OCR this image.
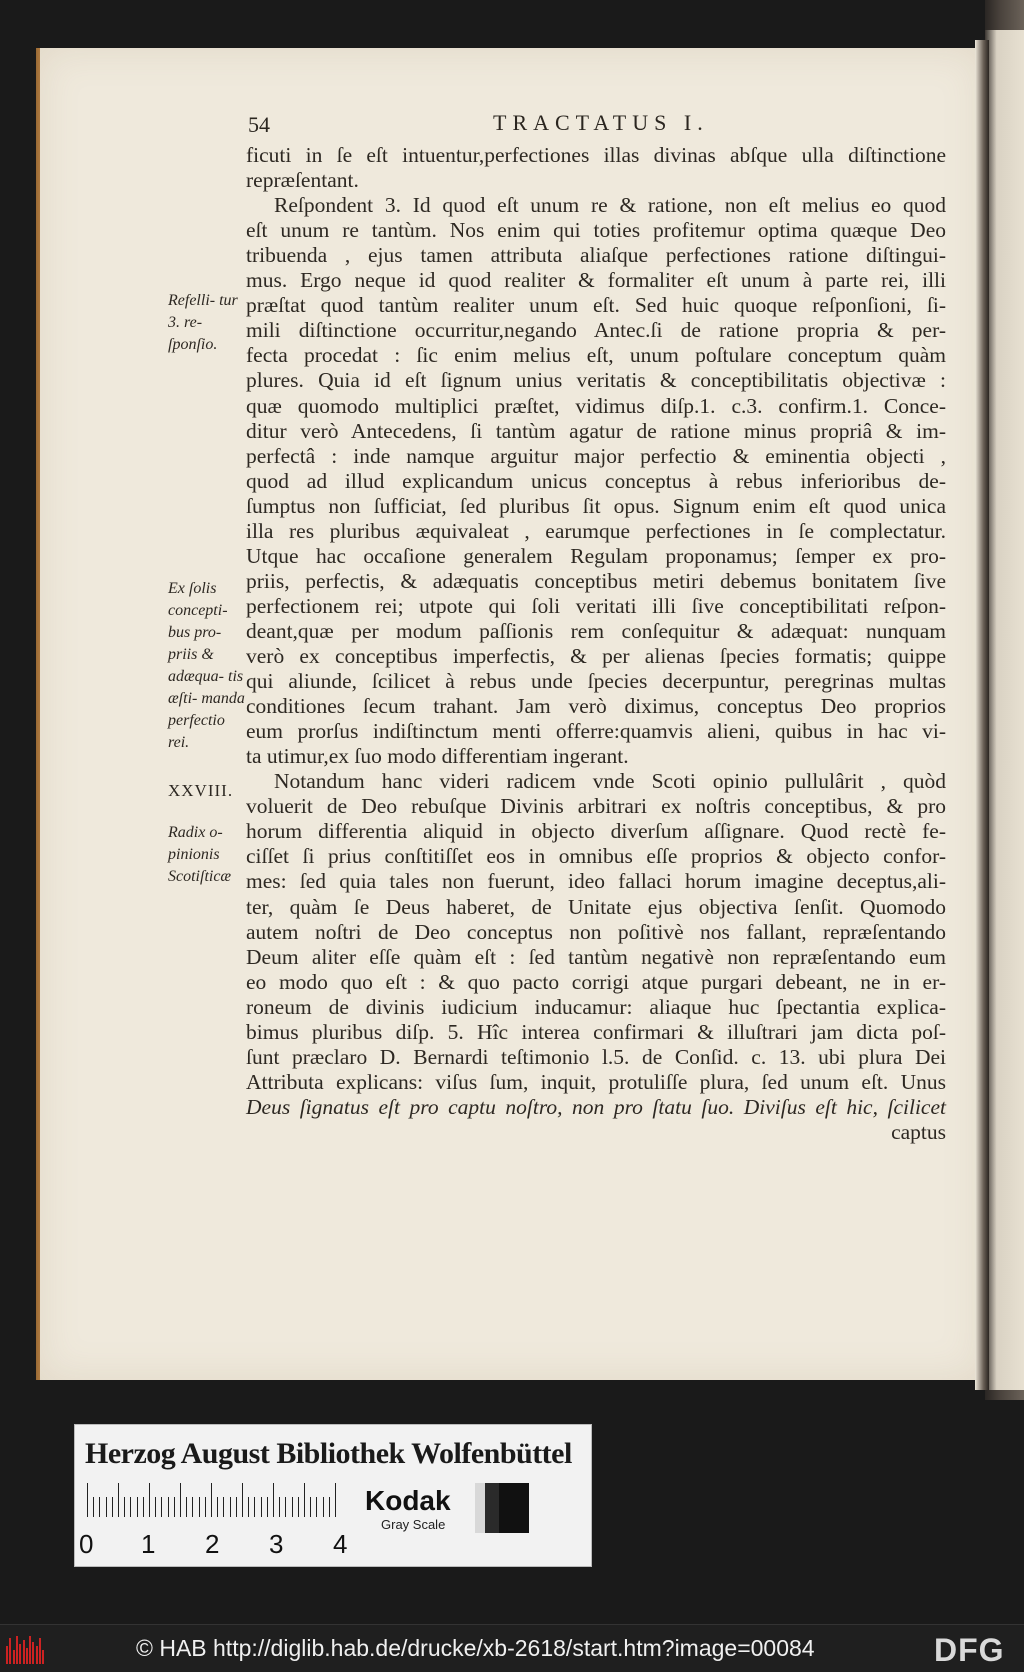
54	TRACTATUS I.
ficuti in ſe eſt intuentur,perfectiones illas divinas abſque ulla diſtinctione
repræſentant.
Reſpondent 3. Id quod eſt unum re & ratione, non eſt melius eo quod
eſt unum re tantùm. Nos enim qui toties profitemur optima quæque Deo
tribuenda , ejus tamen attributa aliaſque perfectiones ratione diſtingui-
mus. Ergo neque id quod realiter & formaliter eſt unum à parte rei, illi
præſtat quod tantùm realiter unum eſt. Sed huic quoque reſponſioni, ſi-
mili diſtinctione occurritur,negando Antec.ſi de ratione propria & per-
fecta procedat : ſic enim melius eſt, unum poſtulare conceptum quàm
plures. Quia id eſt ſignum unius veritatis & conceptibilitatis objectivæ :
quæ quomodo multiplici præſtet, vidimus diſp.1. c.3. confirm.1. Conce-
ditur verò Antecedens, ſi tantùm agatur de ratione minus propriâ & im-
perfectâ : inde namque arguitur major perfectio & eminentia objecti ,
quod ad illud explicandum unicus conceptus à rebus inferioribus de-
ſumptus non ſufficiat, ſed pluribus ſit opus. Signum enim eſt quod unica
illa res pluribus æquivaleat , earumque perfectiones in ſe complectatur.
Utque hac occaſione generalem Regulam proponamus; ſemper ex pro-
priis, perfectis, & adæquatis conceptibus metiri debemus bonitatem ſive
perfectionem rei; utpote qui ſoli veritati illi ſive conceptibilitati reſpon-
deant,quæ per modum paſſionis rem conſequitur & adæquat: nunquam
verò ex conceptibus imperfectis, & per alienas ſpecies formatis; quippe
qui aliunde, ſcilicet à rebus unde ſpecies decerpuntur, peregrinas multas
conditiones ſecum trahant. Jam verò diximus, conceptus Deo proprios
eum prorſus indiſtinctum menti offerre:quamvis alieni, quibus in hac vi-
ta utimur,ex ſuo modo differentiam ingerant.
Notandum hanc videri radicem vnde Scoti opinio pullulârit , quòd
voluerit de Deo rebuſque Divinis arbitrari ex noſtris conceptibus, & pro
horum differentia aliquid in objecto diverſum aſſignare. Quod rectè fe-
ciſſet ſi prius conſtitiſſet eos in omnibus eſſe proprios & objecto confor-
mes: ſed quia tales non fuerunt, ideo fallaci horum imagine deceptus,ali-
ter, quàm ſe Deus haberet, de Unitate ejus objectiva ſenſit. Quomodo
autem noſtri de Deo conceptus non poſitivè nos fallant, repræſentando
Deum aliter eſſe quàm eſt : ſed tantùm negativè non repræſentando eum
eo modo quo eſt : & quo pacto corrigi atque purgari debeant, ne in er-
roneum de divinis iudicium inducamur: aliaque huc ſpectantia explica-
bimus pluribus diſp. 5. Hîc interea confirmari & illuſtrari jam dicta poſ-
ſunt præclaro D. Bernardi teſtimonio l.5. de Conſid. c. 13. ubi plura Dei
Attributa explicans: viſus ſum, inquit, protuliſſe plura, ſed unum eſt. Unus
Deus ſignatus eſt pro captu noſtro, non pro ſtatu ſuo. Diviſus eſt hic, ſcilicet
captus
Refelli- tur 3. re- ſponſio.
Ex ſolis concepti- bus pro- priis & adæqua- tis æſti- manda perfectio rei.
XXVIII.
Radix o- pinionis Scotiſticæ
Herzog August Bibliothek Wolfenbüttel
0 1 2 3 4
Kodak
Gray Scale
© HAB http://diglib.hab.de/drucke/xb-2618/start.htm?image=00084	DFG
